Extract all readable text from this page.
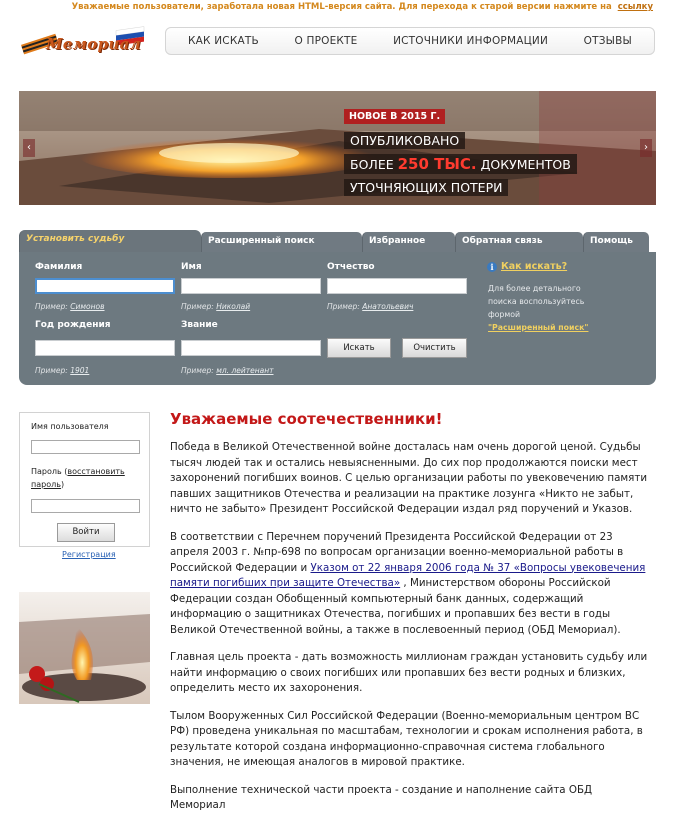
Уважаемые пользователи, заработала новая HTML-версия сайта. Для перехода к старой версии нажмите на ссылку
Мемориал	КАК ИСКАТЬ	О ПРОЕКТЕ	ИСТОЧНИКИ ИНФОРМАЦИИ	ОТЗЫВЫ
‹	›
НОВОЕ В 2015 Г.
ОПУБЛИКОВАНО
БОЛЕЕ 250 ТЫС. ДОКУМЕНТОВ
УТОЧНЯЮЩИХ ПОТЕРИ
Установить судьбу	Расширенный поиск	Избранное	Обратная связь	Помощь
Фамилия
Пример: Симонов
Имя
Пример: Николай
Отчество
Пример: Анатольевич
Год рождения
Пример: 1901
Звание
Пример: мл. лейтенант
Искать	Очистить
i Как искать?
Для более детального поиска воспользуйтесь формой
"Расширенный поиск"
Имя пользователя
Пароль (восстановить пароль)
Войти
Регистрация
Уважаемые соотечественники!

Победа в Великой Отечественной войне досталась нам очень дорогой ценой. Судьбы тысяч людей так и остались невыясненными. До сих пор продолжаются поиски мест захоронений погибших воинов. С целью организации работы по увековечению памяти павших защитников Отечества и реализации на практике лозунга «Никто не забыт, ничто не забыто» Президент Российской Федерации издал ряд поручений и Указов.

В соответствии с Перечнем поручений Президента Российской Федерации от 23 апреля 2003 г. №пр-698 по вопросам организации военно-мемориальной работы в Российской Федерации и Указом от 22 января 2006 года № 37 «Вопросы увековечения памяти погибших при защите Отечества» , Министерством обороны Российской Федерации создан Обобщенный компьютерный банк данных, содержащий информацию о защитниках Отечества, погибших и пропавших без вести в годы Великой Отечественной войны, а также в послевоенный период (ОБД Мемориал).

Главная цель проекта - дать возможность миллионам граждан установить судьбу или найти информацию о своих погибших или пропавших без вести родных и близких, определить место их захоронения.

Тылом Вооруженных Сил Российской Федерации (Военно-мемориальным центром ВС РФ) проведена уникальная по масштабам, технологии и срокам исполнения работа, в результате которой создана информационно-справочная система глобального значения, не имеющая аналогов в мировой практике.

Выполнение технической части проекта - создание и наполнение сайта ОБД Мемориал
